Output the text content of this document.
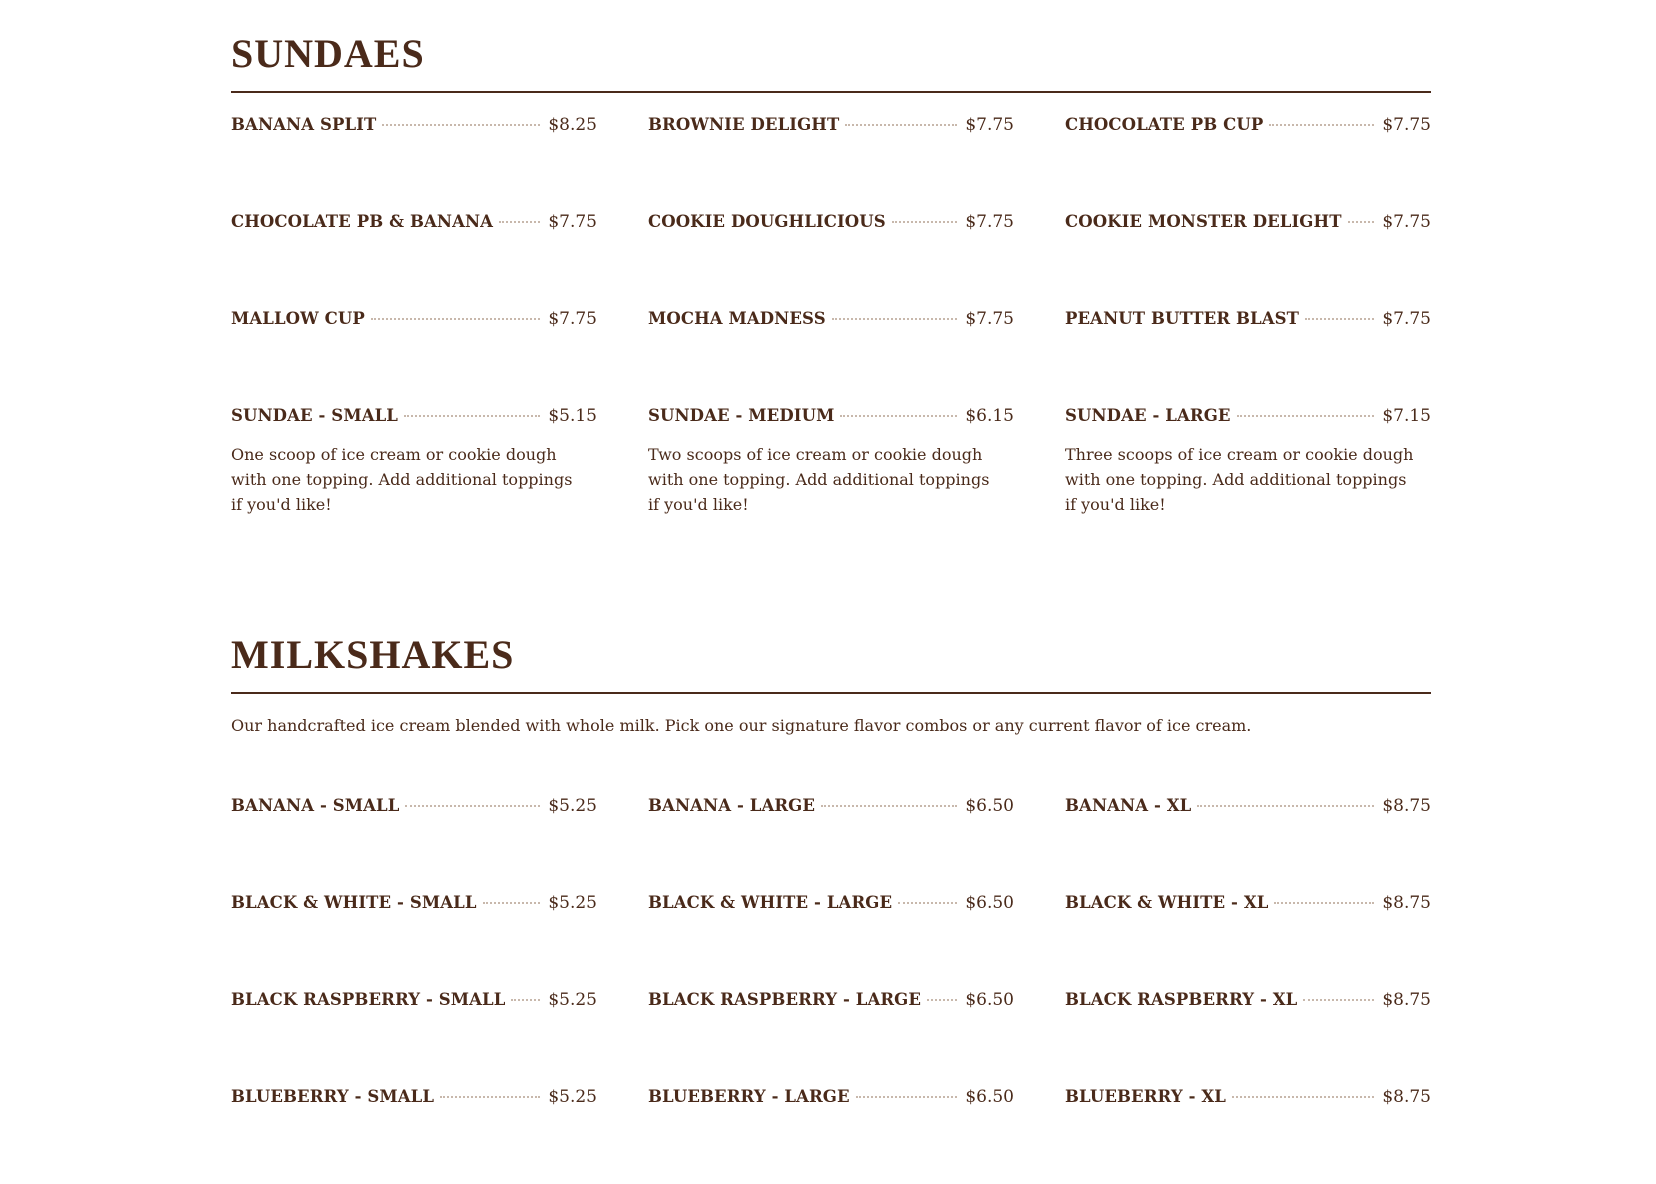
SUNDAES
BANANA SPLIT	$8.25	BROWNIE DELIGHT	$7.75	CHOCOLATE PB CUP	$7.75
CHOCOLATE PB & BANANA	$7.75	COOKIE DOUGHLICIOUS	$7.75	COOKIE MONSTER DELIGHT $7.75
MALLOW CUP	$7.75	MOCHA MADNESS	$7.75	PEANUT BUTTER BLAST	$7.75
SUNDAE - SMALL	$5.15
One scoop of ice cream or cookie dough with one topping. Add additional toppings if you'd like!
SUNDAE - MEDIUM	$6.15
Two scoops of ice cream or cookie dough with one topping. Add additional toppings if you'd like!
SUNDAE - LARGE	$7.15
Three scoops of ice cream or cookie dough with one topping. Add additional toppings if you'd like!
MILKSHAKES

Our handcrafted ice cream blended with whole milk. Pick one our signature flavor combos or any current flavor of ice cream.

BANANA - SMALL	$5.25	BANANA - LARGE	$6.50	BANANA - XL	$8.75
BLACK & WHITE - SMALL	$5.25	BLACK & WHITE - LARGE	$6.50	BLACK & WHITE - XL	$8.75
BLACK RASPBERRY - SMALL	$5.25	BLACK RASPBERRY - LARGE	$6.50	BLACK RASPBERRY - XL	$8.75
BLUEBERRY - SMALL	$5.25	BLUEBERRY - LARGE	$6.50	BLUEBERRY - XL	$8.75
